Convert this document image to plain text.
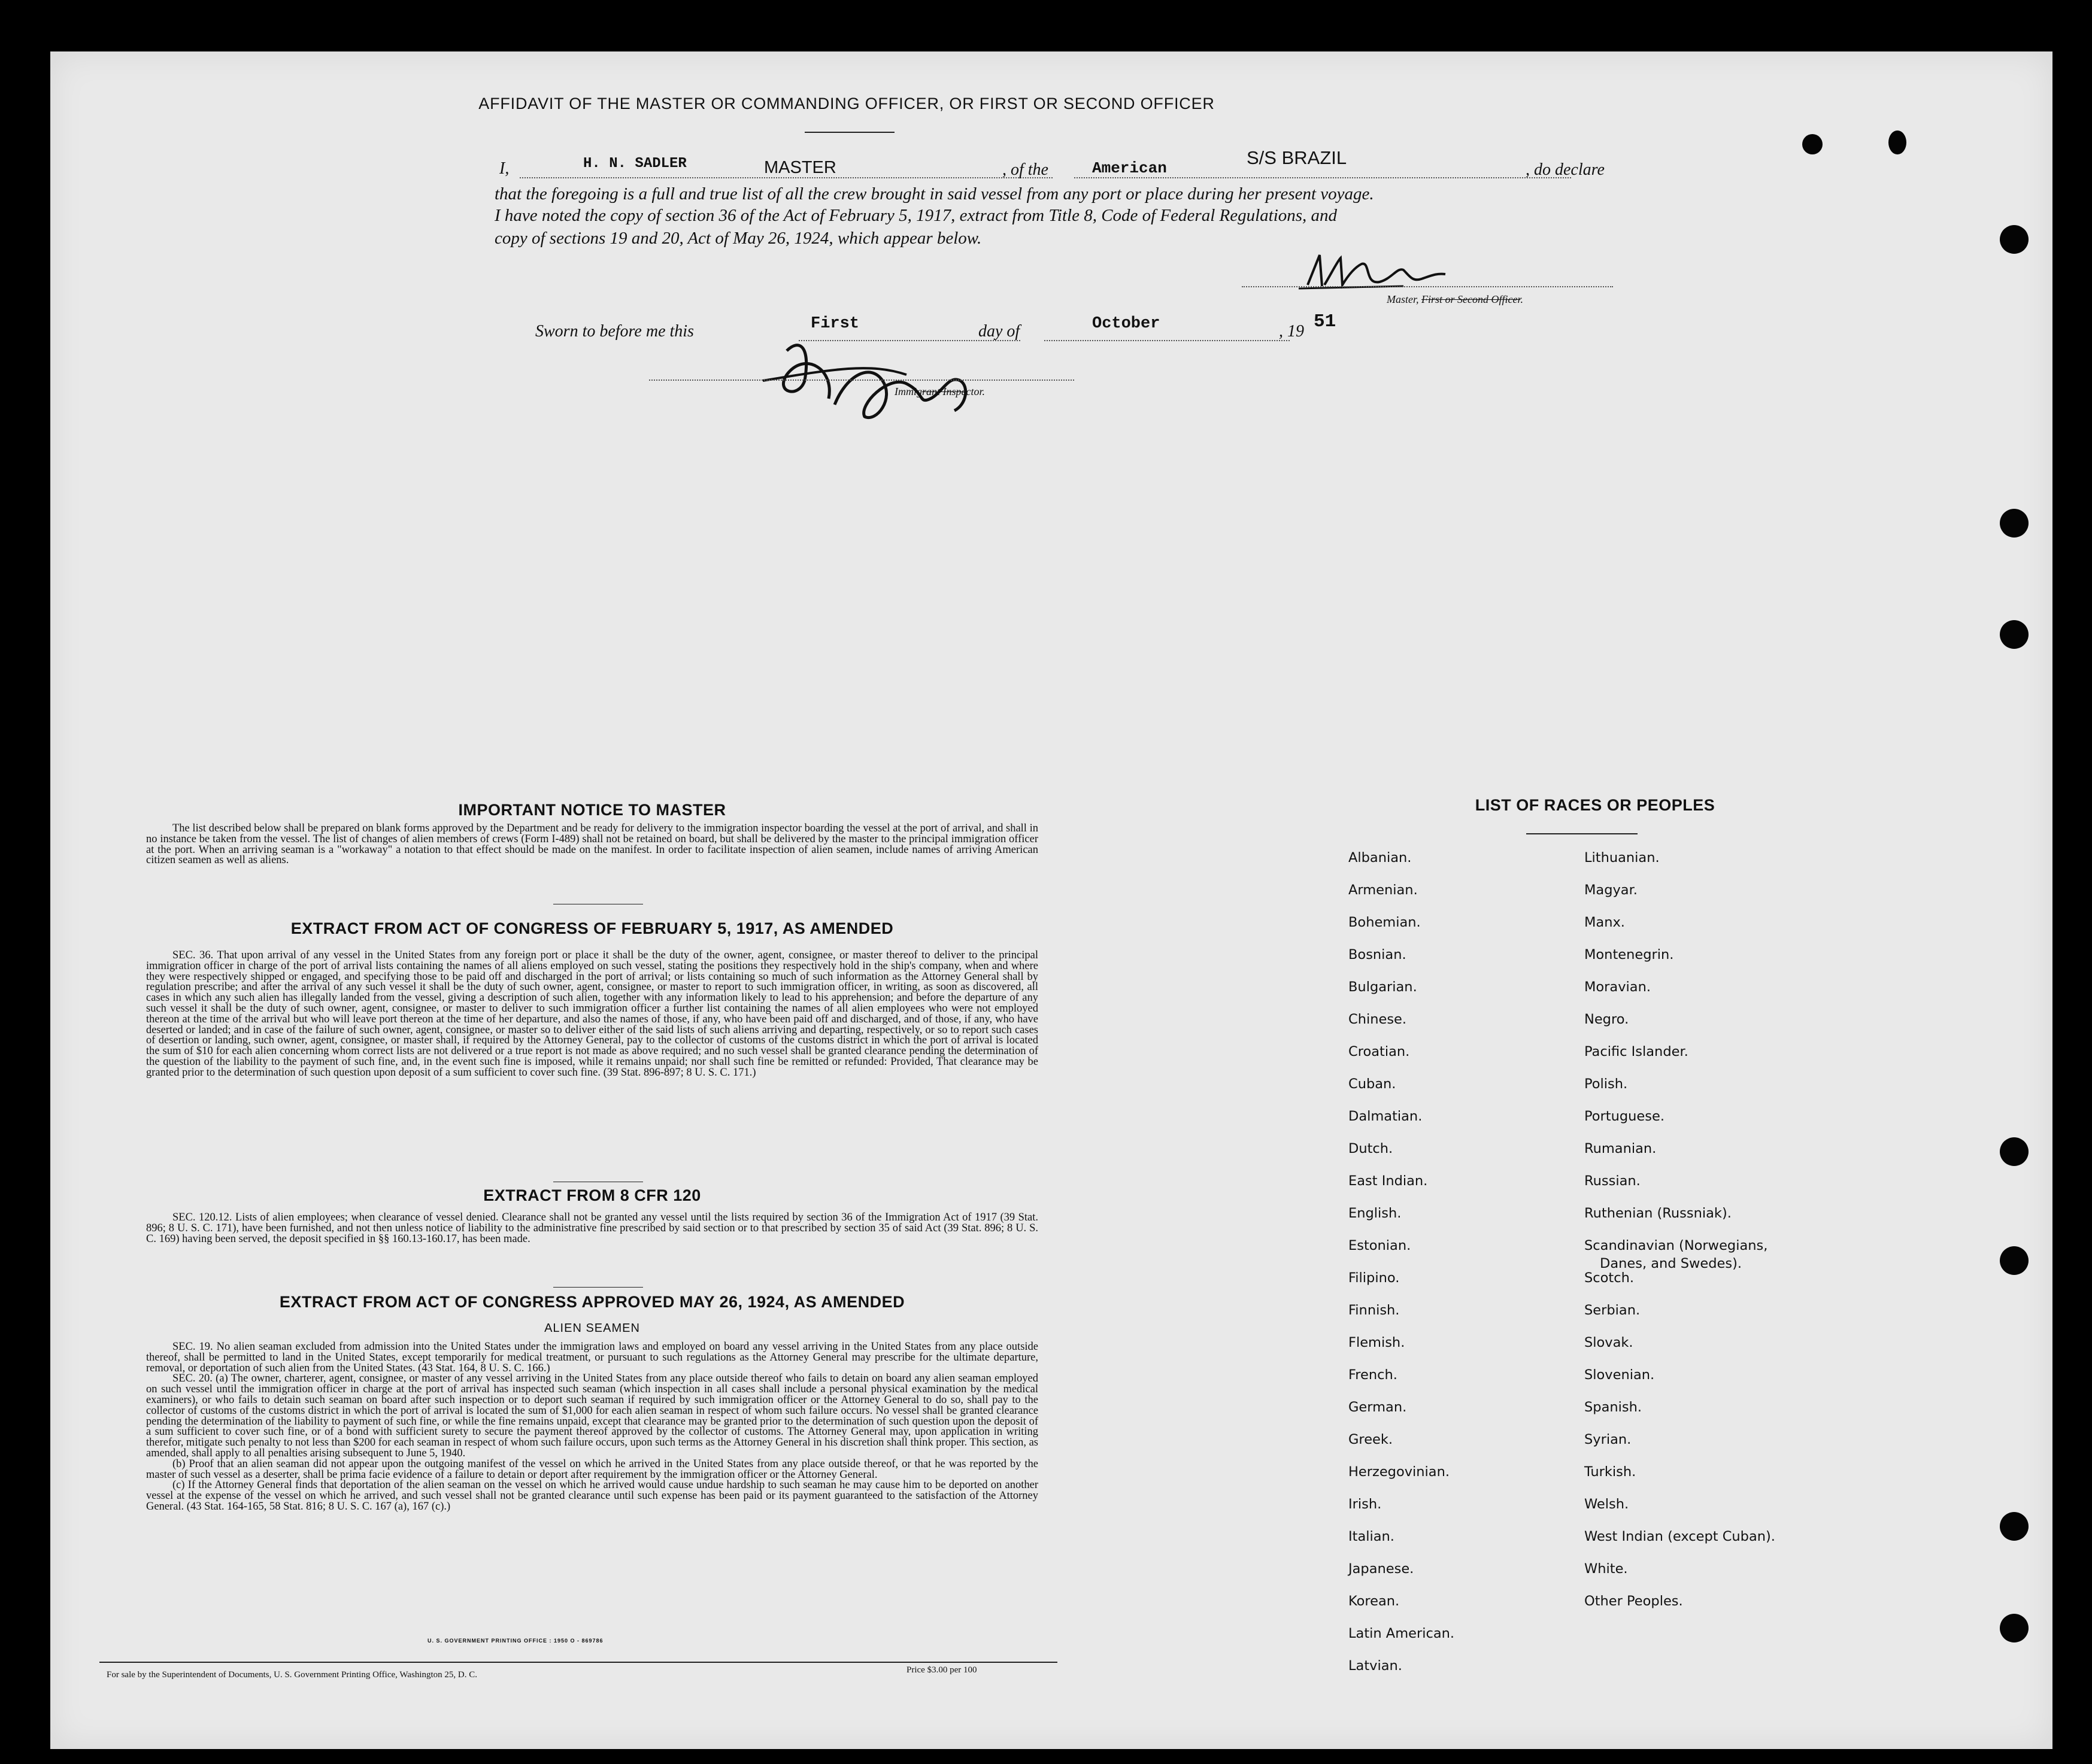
AFFIDAVIT OF THE MASTER OR COMMANDING OFFICER, OR FIRST OR SECOND OFFICER
I,	H. N. SADLER	MASTER	, of the	American	S/S BRAZIL
, do declare
that the foregoing is a full and true list of all the crew brought in said vessel from any port or place during her present voyage.
I have noted the copy of section 36 of the Act of February 5, 1917, extract from Title 8, Code of Federal Regulations, and
copy of sections 19 and 20, Act of May 26, 1924, which appear below.
Master, First or Second Officer.
Sworn to before me this	First	day of	October	, 19 51
Immigrant Inspector.
IMPORTANT NOTICE TO MASTER
The list described below shall be prepared on blank forms approved by the Department and be ready for delivery to the immigration inspector boarding the vessel at the port of arrival, and shall in no instance be taken from the vessel. The list of changes of alien members of crews (Form I-489) shall not be retained on board, but shall be delivered by the master to the principal immigration officer at the port. When an arriving seaman is a "workaway" a notation to that effect should be made on the manifest. In order to facilitate inspection of alien seamen, include names of arriving American citizen seamen as well as aliens.
EXTRACT FROM ACT OF CONGRESS OF FEBRUARY 5, 1917, AS AMENDED
SEC. 36. That upon arrival of any vessel in the United States from any foreign port or place it shall be the duty of the owner, agent, consignee, or master thereof to deliver to the principal immigration officer in charge of the port of arrival lists containing the names of all aliens employed on such vessel, stating the positions they respectively hold in the ship's company, when and where they were respectively shipped or engaged, and specifying those to be paid off and discharged in the port of arrival; or lists containing so much of such information as the Attorney General shall by regulation prescribe; and after the arrival of any such vessel it shall be the duty of such owner, agent, consignee, or master to report to such immigration officer, in writing, as soon as discovered, all cases in which any such alien has illegally landed from the vessel, giving a description of such alien, together with any information likely to lead to his apprehension; and before the departure of any such vessel it shall be the duty of such owner, agent, consignee, or master to deliver to such immigration officer a further list containing the names of all alien employees who were not employed thereon at the time of the arrival but who will leave port thereon at the time of her departure, and also the names of those, if any, who have been paid off and discharged, and of those, if any, who have deserted or landed; and in case of the failure of such owner, agent, consignee, or master so to deliver either of the said lists of such aliens arriving and departing, respectively, or so to report such cases of desertion or landing, such owner, agent, consignee, or master shall, if required by the Attorney General, pay to the collector of customs of the customs district in which the port of arrival is located the sum of $10 for each alien concerning whom correct lists are not delivered or a true report is not made as above required; and no such vessel shall be granted clearance pending the determination of the question of the liability to the payment of such fine, and, in the event such fine is imposed, while it remains unpaid; nor shall such fine be remitted or refunded: Provided, That clearance may be granted prior to the determination of such question upon deposit of a sum sufficient to cover such fine. (39 Stat. 896-897; 8 U. S. C. 171.)
EXTRACT FROM 8 CFR 120
SEC. 120.12. Lists of alien employees; when clearance of vessel denied. Clearance shall not be granted any vessel until the lists required by section 36 of the Immigration Act of 1917 (39 Stat. 896; 8 U. S. C. 171), have been furnished, and not then unless notice of liability to the administrative fine prescribed by said section or to that prescribed by section 35 of said Act (39 Stat. 896; 8 U. S. C. 169) having been served, the deposit specified in §§ 160.13-160.17, has been made.
EXTRACT FROM ACT OF CONGRESS APPROVED MAY 26, 1924, AS AMENDED
ALIEN SEAMEN
SEC. 19. No alien seaman excluded from admission into the United States under the immigration laws and employed on board any vessel arriving in the United States from any place outside thereof, shall be permitted to land in the United States, except temporarily for medical treatment, or pursuant to such regulations as the Attorney General may prescribe for the ultimate departure, removal, or deportation of such alien from the United States. (43 Stat. 164, 8 U. S. C. 166.)
SEC. 20. (a) The owner, charterer, agent, consignee, or master of any vessel arriving in the United States from any place outside thereof who fails to detain on board any alien seaman employed on such vessel until the immigration officer in charge at the port of arrival has inspected such seaman (which inspection in all cases shall include a personal physical examination by the medical examiners), or who fails to detain such seaman on board after such inspection or to deport such seaman if required by such immigration officer or the Attorney General to do so, shall pay to the collector of customs of the customs district in which the port of arrival is located the sum of $1,000 for each alien seaman in respect of whom such failure occurs. No vessel shall be granted clearance pending the determination of the liability to payment of such fine, or while the fine remains unpaid, except that clearance may be granted prior to the determination of such question upon the deposit of a sum sufficient to cover such fine, or of a bond with sufficient surety to secure the payment thereof approved by the collector of customs. The Attorney General may, upon application in writing therefor, mitigate such penalty to not less than $200 for each seaman in respect of whom such failure occurs, upon such terms as the Attorney General in his discretion shall think proper. This section, as amended, shall apply to all penalties arising subsequent to June 5, 1940.
(b) Proof that an alien seaman did not appear upon the outgoing manifest of the vessel on which he arrived in the United States from any place outside thereof, or that he was reported by the master of such vessel as a deserter, shall be prima facie evidence of a failure to detain or deport after requirement by the immigration officer or the Attorney General.
(c) If the Attorney General finds that deportation of the alien seaman on the vessel on which he arrived would cause undue hardship to such seaman he may cause him to be deported on another vessel at the expense of the vessel on which he arrived, and such vessel shall not be granted clearance until such expense has been paid or its payment guaranteed to the satisfaction of the Attorney General. (43 Stat. 164-165, 58 Stat. 816; 8 U. S. C. 167 (a), 167 (c).)
U. S. GOVERNMENT PRINTING OFFICE : 1950 O - 869786
For sale by the Superintendent of Documents, U. S. Government Printing Office, Washington 25, D. C.	Price $3.00 per 100
LIST OF RACES OR PEOPLES
Albanian.
Armenian.
Bohemian.
Bosnian.
Bulgarian.
Chinese.
Croatian.
Cuban.
Dalmatian.
Dutch.
East Indian.
English.
Estonian.
Filipino.
Finnish.
Flemish.
French.
German.
Greek.
Herzegovinian.
Irish.
Italian.
Japanese.
Korean.
Latin American.
Latvian.
Lithuanian.
Magyar.
Manx.
Montenegrin.
Moravian.
Negro.
Pacific Islander.
Polish.
Portuguese.
Rumanian.
Russian.
Ruthenian (Russniak).
Scandinavian (Norwegians,
Danes, and Swedes).
Scotch.
Serbian.
Slovak.
Slovenian.
Spanish.
Syrian.
Turkish.
Welsh.
West Indian (except Cuban).
White.
Other Peoples.
